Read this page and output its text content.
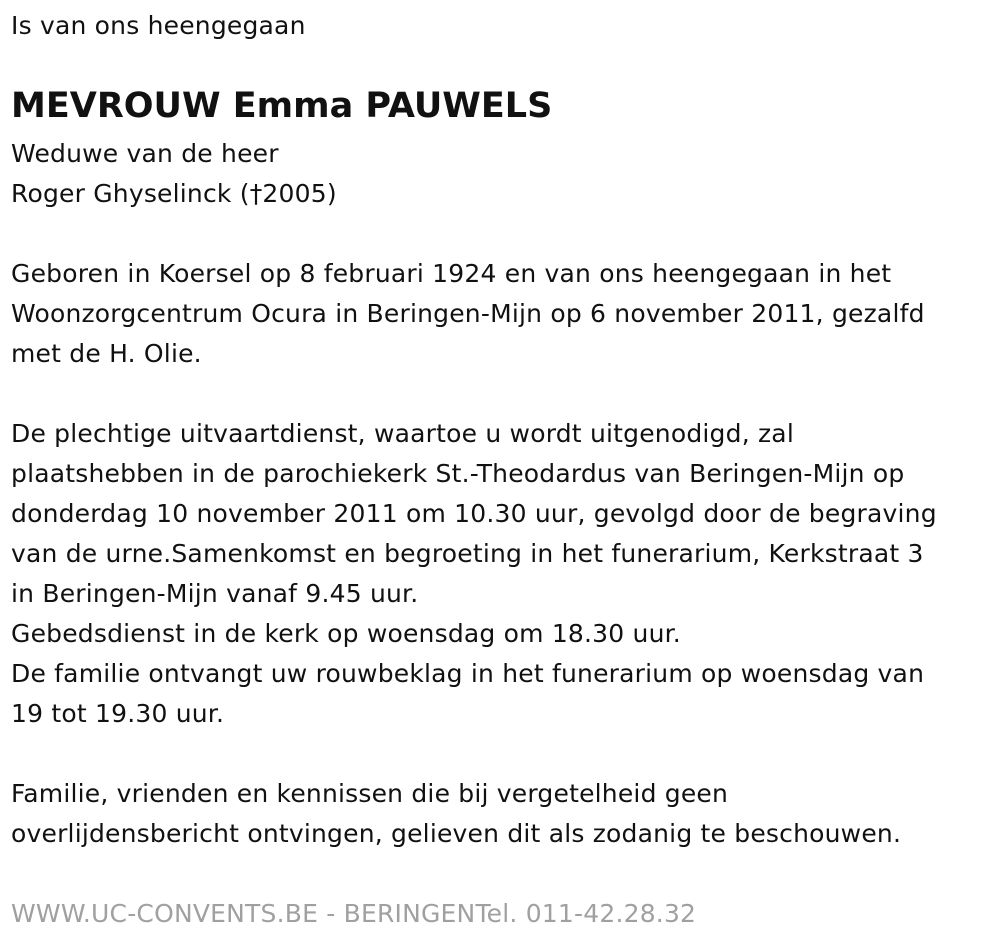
Is van ons heengegaan
MEVROUW Emma PAUWELS
Weduwe van de heer
Roger Ghyselinck (†2005)
Geboren in Koersel op 8 februari 1924 en van ons heengegaan in het
Woonzorgcentrum Ocura in Beringen-Mijn op 6 november 2011, gezalfd
met de H. Olie.
De plechtige uitvaartdienst, waartoe u wordt uitgenodigd, zal
plaatshebben in de parochiekerk St.-Theodardus van Beringen-Mijn op
donderdag 10 november 2011 om 10.30 uur, gevolgd door de begraving
van de urne.Samenkomst en begroeting in het funerarium, Kerkstraat 3
in Beringen-Mijn vanaf 9.45 uur.
Gebedsdienst in de kerk op woensdag om 18.30 uur.
De familie ontvangt uw rouwbeklag in het funerarium op woensdag van
19 tot 19.30 uur.
Familie, vrienden en kennissen die bij vergetelheid geen
overlijdensbericht ontvingen, gelieven dit als zodanig te beschouwen.
WWW.UC-CONVENTS.BE - BERINGENTel. 011-42.28.32
